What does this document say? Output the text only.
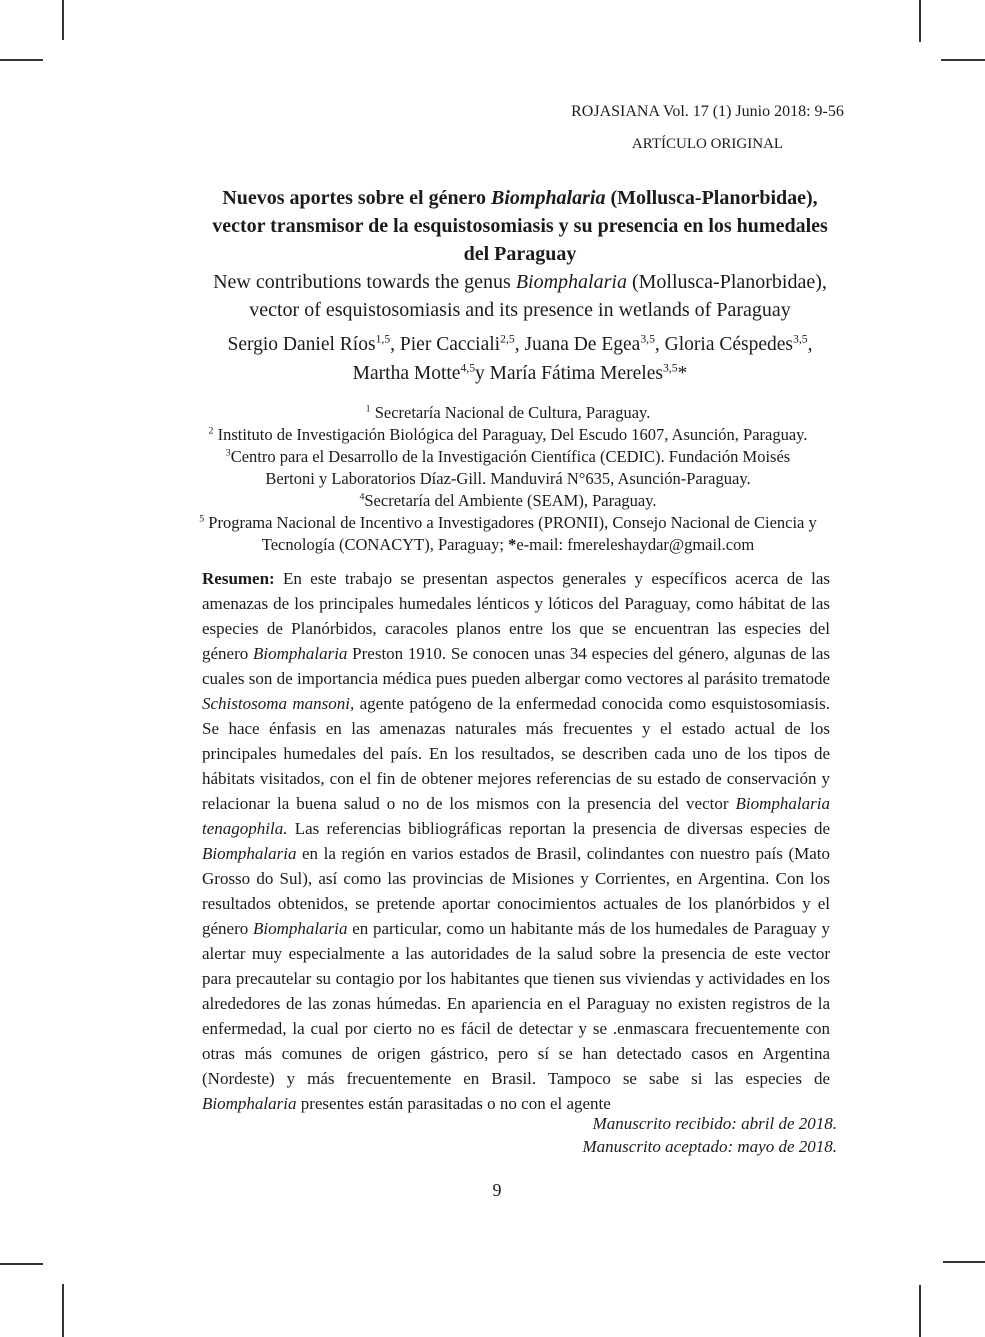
ROJASIANA Vol. 17 (1) Junio 2018: 9-56
ARTÍCULO ORIGINAL
Nuevos aportes sobre el género Biomphalaria (Mollusca-Planorbidae),
vector transmisor de la esquistosomiasis y su presencia en los humedales
del Paraguay
New contributions towards the genus Biomphalaria (Mollusca-Planorbidae),
vector of esquistosomiasis and its presence in wetlands of Paraguay
Sergio Daniel Ríos$^{1,5}$, Pier Cacciali$^{2,5}$, Juana De Egea$^{3,5}$, Gloria Céspedes$^{3,5}$,
Martha Motte$^{4,5}$y María Fátima Mereles$^{3,5}$*
$^1$ Secretaría Nacional de Cultura, Paraguay.
$^2$ Instituto de Investigación Biológica del Paraguay, Del Escudo 1607, Asunción, Paraguay.
$^3$Centro para el Desarrollo de la Investigación Científica (CEDIC). Fundación Moisés
Bertoni y Laboratorios Díaz-Gill. Manduvirá N°635, Asunción-Paraguay.
$^4$Secretaría del Ambiente (SEAM), Paraguay.
$^5$ Programa Nacional de Incentivo a Investigadores (PRONII), Consejo Nacional de Ciencia y
Tecnología (CONACYT), Paraguay; *e-mail: fmereleshaydar@gmail.com

Resumen: En este trabajo se presentan aspectos generales y específicos acerca de las amenazas de los principales humedales lénticos y lóticos del Paraguay, como hábitat de las especies de Planórbidos, caracoles planos entre los que se encuentran las especies del género Biomphalaria Preston 1910. Se conocen unas 34 especies del género, algunas de las cuales son de importancia médica pues pueden albergar como vectores al parásito trematode Schistosoma mansoni, agente patógeno de la enfermedad conocida como esquistosomiasis. Se hace énfasis en las amenazas naturales más frecuentes y el estado actual de los principales humedales del país. En los resultados, se describen cada uno de los tipos de hábitats visitados, con el fin de obtener mejores referencias de su estado de conservación y relacionar la buena salud o no de los mismos con la presencia del vector Biomphalaria tenagophila. Las referencias bibliográficas reportan la presencia de diversas especies de Biomphalaria en la región en varios estados de Brasil, colindantes con nuestro país (Mato Grosso do Sul), así como las provincias de Misiones y Corrientes, en Argentina. Con los resultados obtenidos, se pretende aportar conocimientos actuales de los planórbidos y el género Biomphalaria en particular, como un habitante más de los humedales de Paraguay y alertar muy especialmente a las autoridades de la salud sobre la presencia de este vector para precautelar su contagio por los habitantes que tienen sus viviendas y actividades en los alrededores de las zonas húmedas. En apariencia en el Paraguay no existen registros de la enfermedad, la cual por cierto no es fácil de detectar y se .enmascara frecuentemente con otras más comunes de origen gástrico, pero sí se han detectado casos en Argentina (Nordeste) y más frecuentemente en Brasil. Tampoco se sabe si las especies de Biomphalaria presentes están parasitadas o no con el agente

Manuscrito recibido: abril de 2018.
Manuscrito aceptado: mayo de 2018.
9
